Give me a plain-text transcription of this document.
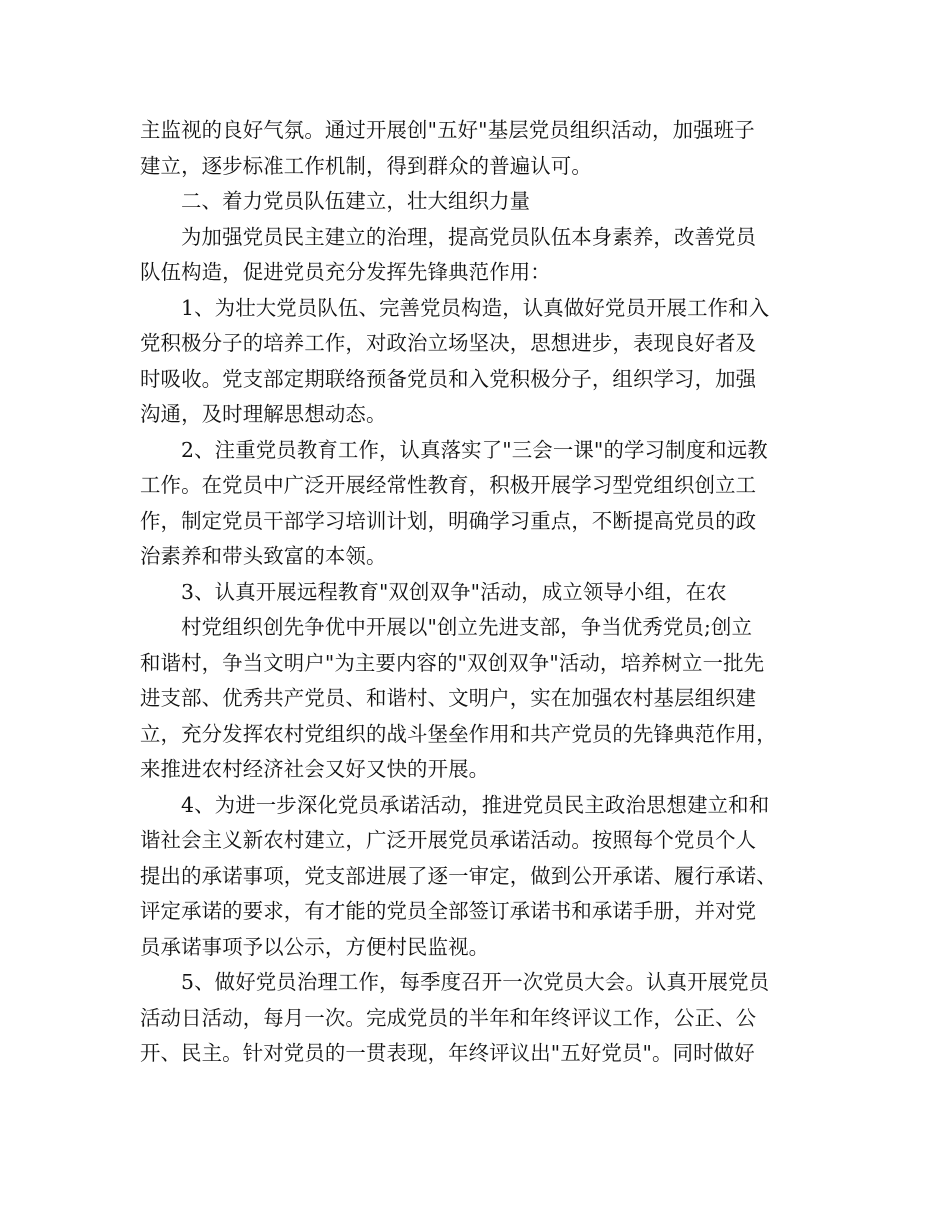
主监视的良好气氛。通过开展创"五好"基层党员组织活动，加强班子
建立，逐步标准工作机制，得到群众的普遍认可。
二、着力党员队伍建立，壮大组织力量
为加强党员民主建立的治理，提高党员队伍本身素养，改善党员
队伍构造，促进党员充分发挥先锋典范作用：
1、为壮大党员队伍、完善党员构造，认真做好党员开展工作和入
党积极分子的培养工作，对政治立场坚决，思想进步，表现良好者及
时吸收。党支部定期联络预备党员和入党积极分子，组织学习，加强
沟通，及时理解思想动态。
2、注重党员教育工作，认真落实了"三会一课"的学习制度和远教
工作。在党员中广泛开展经常性教育，积极开展学习型党组织创立工
作，制定党员干部学习培训计划，明确学习重点，不断提高党员的政
治素养和带头致富的本领。
3、认真开展远程教育"双创双争"活动，成立领导小组，在农
村党组织创先争优中开展以"创立先进支部，争当优秀党员;创立
和谐村，争当文明户"为主要内容的"双创双争"活动，培养树立一批先
进支部、优秀共产党员、和谐村、文明户，实在加强农村基层组织建
立，充分发挥农村党组织的战斗堡垒作用和共产党员的先锋典范作用，
来推进农村经济社会又好又快的开展。
4、为进一步深化党员承诺活动，推进党员民主政治思想建立和和
谐社会主义新农村建立，广泛开展党员承诺活动。按照每个党员个人
提出的承诺事项，党支部进展了逐一审定，做到公开承诺、履行承诺、
评定承诺的要求，有才能的党员全部签订承诺书和承诺手册，并对党
员承诺事项予以公示，方便村民监视。
5、做好党员治理工作，每季度召开一次党员大会。认真开展党员
活动日活动，每月一次。完成党员的半年和年终评议工作，公正、公
开、民主。针对党员的一贯表现，年终评议出"五好党员"。同时做好
